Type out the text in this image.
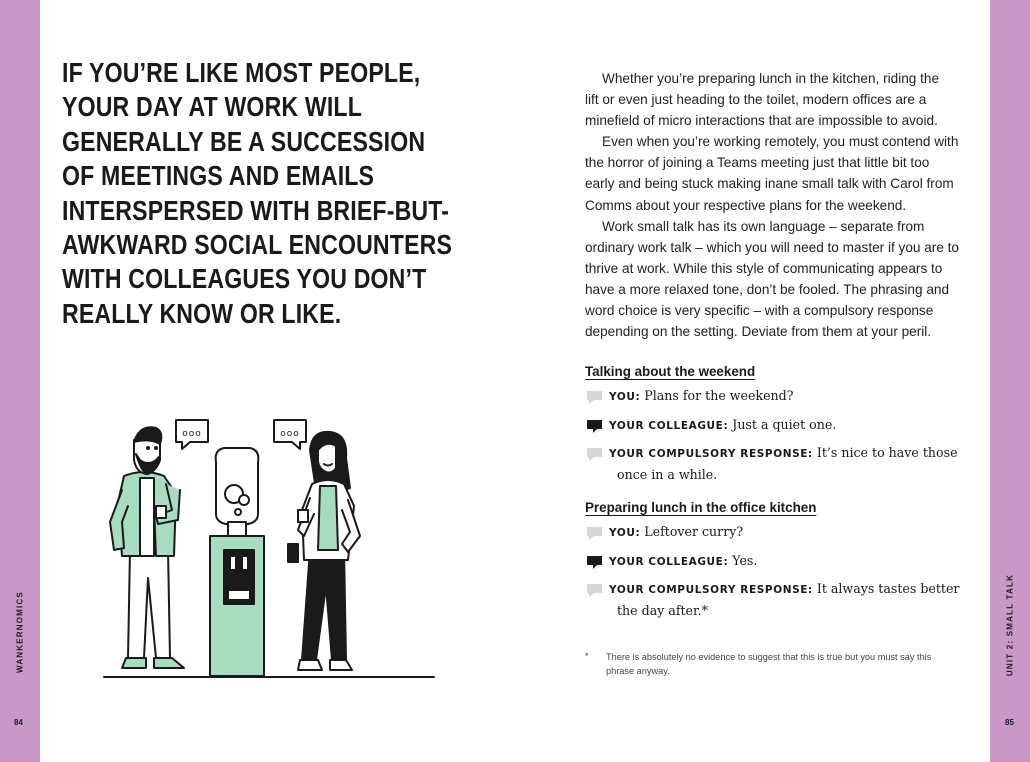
WANKERNOMICS	UNIT 2: SMALL TALK
84	85
IF YOU’RE LIKE MOST PEOPLE,
YOUR DAY AT WORK WILL
GENERALLY BE A SUCCESSION
OF MEETINGS AND EMAILS
INTERSPERSED WITH BRIEF-BUT-
AWKWARD SOCIAL ENCOUNTERS
WITH COLLEAGUES YOU DON’T
REALLY KNOW OR LIKE.
ooo	ooo
Whether you’re preparing lunch in the kitchen, riding the
lift or even just heading to the toilet, modern offices are a
minefield of micro interactions that are impossible to avoid.
Even when you’re working remotely, you must contend with
the horror of joining a Teams meeting just that little bit too
early and being stuck making inane small talk with Carol from
Comms about your respective plans for the weekend.
Work small talk has its own language – separate from
ordinary work talk – which you will need to master if you are to
thrive at work. While this style of communicating appears to
have a more relaxed tone, don’t be fooled. The phrasing and
word choice is very specific – with a compulsory response
depending on the setting. Deviate from them at your peril.
Talking about the weekend
YOU: Plans for the weekend?
YOUR COLLEAGUE: Just a quiet one.
YOUR COMPULSORY RESPONSE: It’s nice to have those
once in a while.
Preparing lunch in the office kitchen
YOU: Leftover curry?
YOUR COLLEAGUE: Yes.
YOUR COMPULSORY RESPONSE: It always tastes better
the day after.*
*	There is absolutely no evidence to suggest that this is true but you must say this
phrase anyway.
